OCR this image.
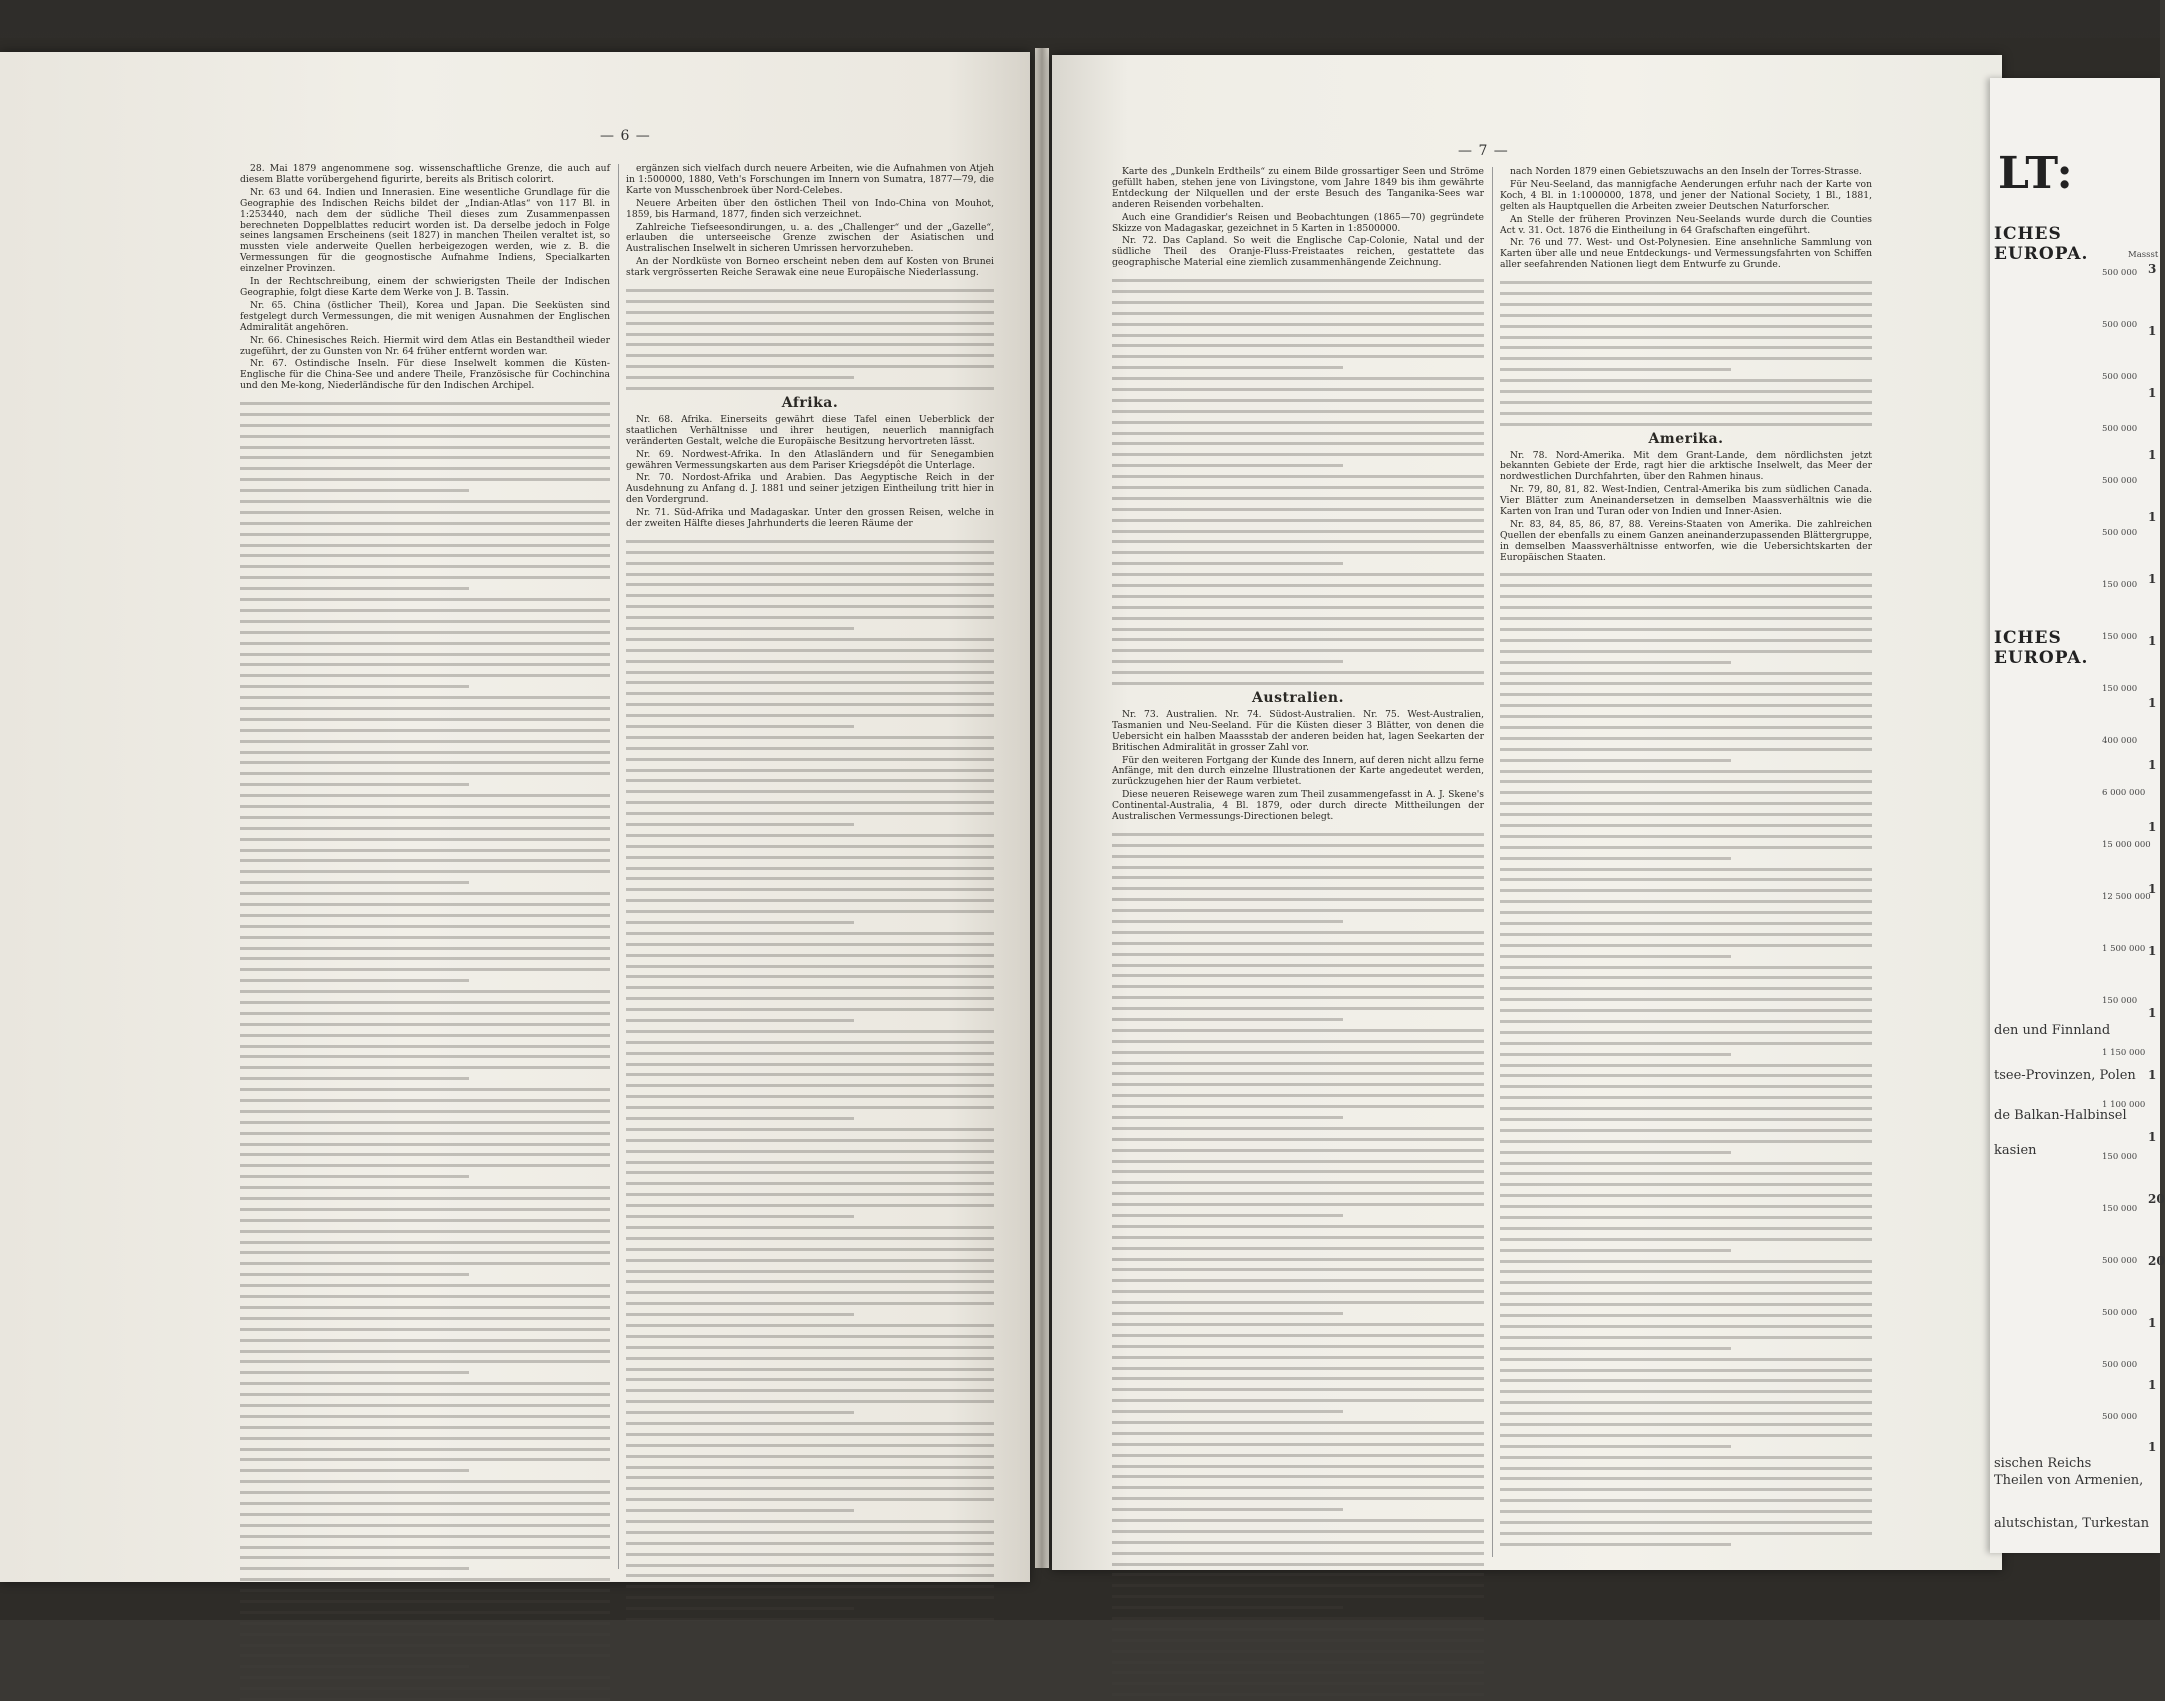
— 6 —

28. Mai 1879 angenommene sog. wissenschaftliche Grenze, die auch auf diesem Blatte vorübergehend figurirte, bereits als Britisch colorirt.

Nr. 63 und 64. Indien und Innerasien. Eine wesentliche Grundlage für die Geographie des Indischen Reichs bildet der „Indian-Atlas“ von 117 Bl. in 1:253440, nach dem der südliche Theil dieses zum Zusammenpassen berechneten Doppelblattes reducirt worden ist. Da derselbe jedoch in Folge seines langsamen Erscheinens (seit 1827) in manchen Theilen veraltet ist, so mussten viele anderweite Quellen herbeigezogen werden, wie z. B. die Vermessungen für die geognostische Aufnahme Indiens, Specialkarten einzelner Provinzen.

In der Rechtschreibung, einem der schwierigsten Theile der Indischen Geographie, folgt diese Karte dem Werke von J. B. Tassin.

Nr. 65. China (östlicher Theil), Korea und Japan. Die Seeküsten sind festgelegt durch Vermessungen, die mit wenigen Ausnahmen der Englischen Admiralität angehören.

Nr. 66. Chinesisches Reich. Hiermit wird dem Atlas ein Bestandtheil wieder zugeführt, der zu Gunsten von Nr. 64 früher entfernt worden war.

Nr. 67. Ostindische Inseln. Für diese Inselwelt kommen die Küsten-Englische für die China-See und andere Theile, Französische für Cochinchina und den Me-kong, Niederländische für den Indischen Archipel.

ergänzen sich vielfach durch neuere Arbeiten, wie die Aufnahmen von Atjeh in 1:500000, 1880, Veth's Forschungen im Innern von Sumatra, 1877—79, die Karte von Musschenbroek über Nord-Celebes.

Neuere Arbeiten über den östlichen Theil von Indo-China von Mouhot, 1859, bis Harmand, 1877, finden sich verzeichnet.

Zahlreiche Tiefseesondirungen, u. a. des „Challenger“ und der „Gazelle“, erlauben die unterseeische Grenze zwischen der Asiatischen und Australischen Inselwelt in sicheren Umrissen hervorzuheben.

An der Nordküste von Borneo erscheint neben dem auf Kosten von Brunei stark vergrösserten Reiche Serawak eine neue Europäische Niederlassung.

Afrika.

Nr. 68. Afrika. Einerseits gewährt diese Tafel einen Ueberblick der staatlichen Verhältnisse und ihrer heutigen, neuerlich mannigfach veränderten Gestalt, welche die Europäische Besitzung hervortreten lässt.

Nr. 69. Nordwest-Afrika. In den Atlasländern und für Senegambien gewähren Vermessungskarten aus dem Pariser Kriegsdépôt die Unterlage.

Nr. 70. Nordost-Afrika und Arabien. Das Aegyptische Reich in der Ausdehnung zu Anfang d. J. 1881 und seiner jetzigen Eintheilung tritt hier in den Vordergrund.

Nr. 71. Süd-Afrika und Madagaskar. Unter den grossen Reisen, welche in der zweiten Hälfte dieses Jahrhunderts die leeren Räume der

— 7 —

Karte des „Dunkeln Erdtheils“ zu einem Bilde grossartiger Seen und Ströme gefüllt haben, stehen jene von Livingstone, vom Jahre 1849 bis ihm gewährte Entdeckung der Nilquellen und der erste Besuch des Tanganika-Sees war anderen Reisenden vorbehalten.

Auch eine Grandidier's Reisen und Beobachtungen (1865—70) gegründete Skizze von Madagaskar, gezeichnet in 5 Karten in 1:8500000.

Nr. 72. Das Capland. So weit die Englische Cap-Colonie, Natal und der südliche Theil des Oranje-Fluss-Freistaates reichen, gestattete das geographische Material eine ziemlich zusammenhängende Zeichnung.

Australien.

Nr. 73. Australien. Nr. 74. Südost-Australien. Nr. 75. West-Australien, Tasmanien und Neu-Seeland. Für die Küsten dieser 3 Blätter, von denen die Uebersicht ein halben Maassstab der anderen beiden hat, lagen Seekarten der Britischen Admiralität in grosser Zahl vor.

Für den weiteren Fortgang der Kunde des Innern, auf deren nicht allzu ferne Anfänge, mit den durch einzelne Illustrationen der Karte angedeutet werden, zurückzugehen hier der Raum verbietet.

Diese neueren Reisewege waren zum Theil zusammengefasst in A. J. Skene's Continental-Australia, 4 Bl. 1879, oder durch directe Mittheilungen der Australischen Vermessungs-Directionen belegt.

nach Norden 1879 einen Gebietszuwachs an den Inseln der Torres-Strasse.

Für Neu-Seeland, das mannigfache Aenderungen erfuhr nach der Karte von Koch, 4 Bl. in 1:1000000, 1878, und jener der National Society, 1 Bl., 1881, gelten als Hauptquellen die Arbeiten zweier Deutschen Naturforscher.

An Stelle der früheren Provinzen Neu-Seelands wurde durch die Counties Act v. 31. Oct. 1876 die Eintheilung in 64 Grafschaften eingeführt.

Nr. 76 und 77. West- und Ost-Polynesien. Eine ansehnliche Sammlung von Karten über alle und neue Entdeckungs- und Vermessungsfahrten von Schiffen aller seefahrenden Nationen liegt dem Entwurfe zu Grunde.

Amerika.

Nr. 78. Nord-Amerika. Mit dem Grant-Lande, dem nördlichsten jetzt bekannten Gebiete der Erde, ragt hier die arktische Inselwelt, das Meer der nordwestlichen Durchfahrten, über den Rahmen hinaus.

Nr. 79, 80, 81, 82. West-Indien, Central-Amerika bis zum südlichen Canada. Vier Blätter zum Aneinandersetzen in demselben Maassverhältnis wie die Karten von Iran und Turan oder von Indien und Inner-Asien.

Nr. 83, 84, 85, 86, 87, 88. Vereins-Staaten von Amerika. Die zahlreichen Quellen der ebenfalls zu einem Ganzen aneinanderzupassenden Blättergruppe, in demselben Maassverhältnisse entworfen, wie die Uebersichtskarten der Europäischen Staaten.

LT:
ICHES EUROPA.	Massst
ICHES EUROPA.
den und Finnland
tsee-Provinzen, Polen
de Balkan-Halbinsel
kasien
sischen Reichs
Theilen von Armenien,
alutschistan, Turkestan
500 000
500 000
500 000
500 000
500 000
500 000
150 000
150 000
150 000
400 000
6 000 000
15 000 000
12 500 000
1 500 000
150 000
1 150 000
1 100 000
150 000
150 000
500 000
500 000
500 000
500 000
3
1
1
1
1
1
1
1
1
1
1
1
1
1
1
20
20
1
1
1
